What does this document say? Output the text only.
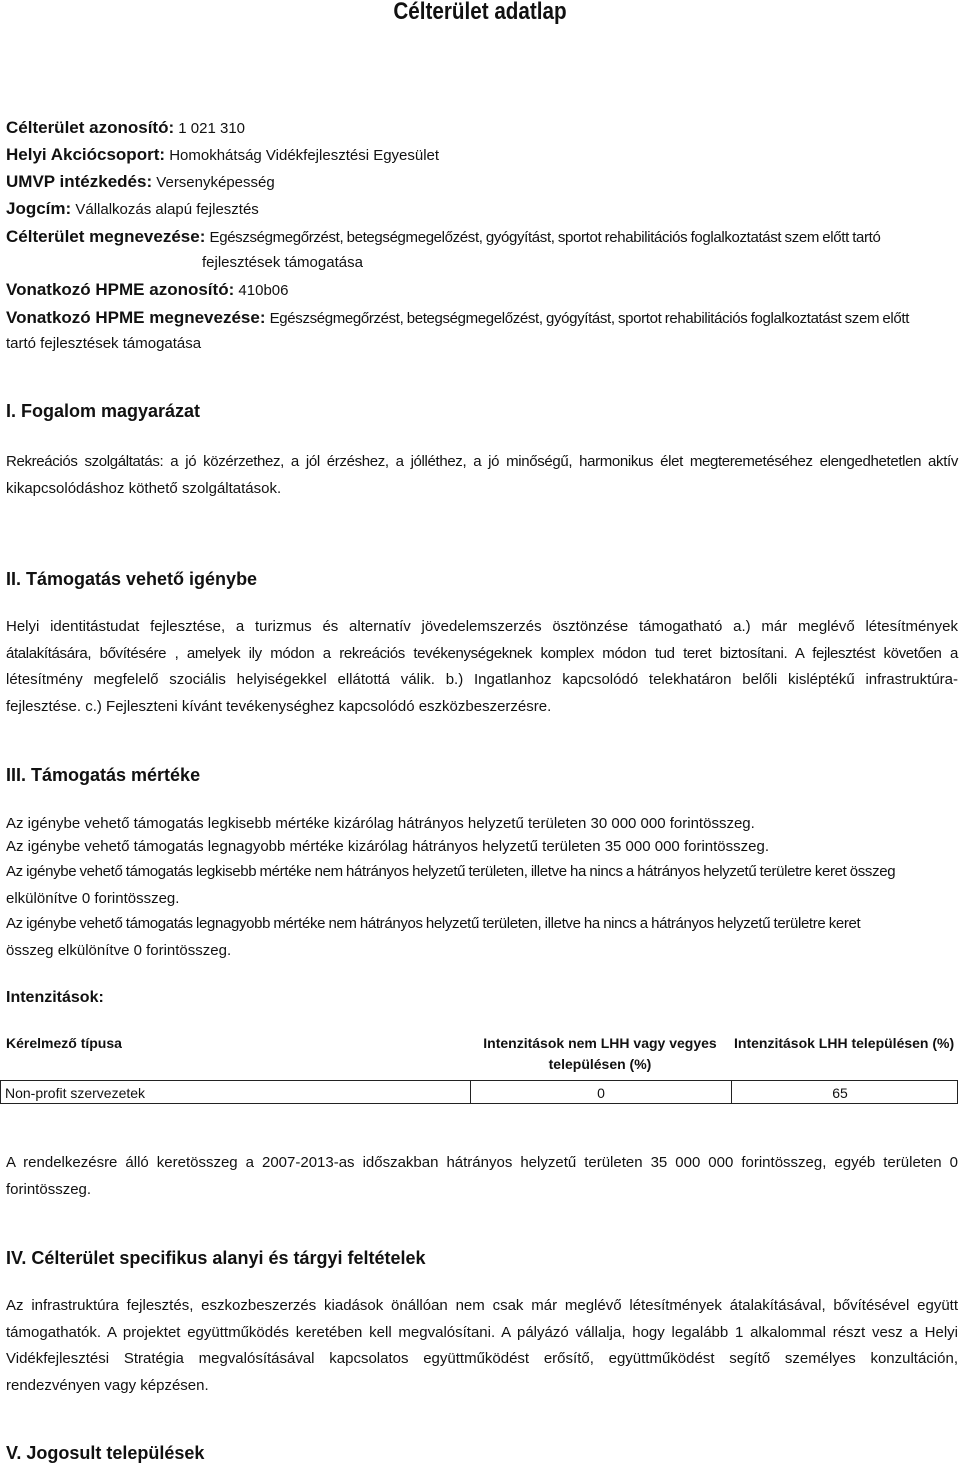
Célterület adatlap
Célterület azonosító: 1 021 310
Helyi Akciócsoport: Homokhátság Vidékfejlesztési Egyesület
UMVP intézkedés: Versenyképesség
Jogcím: Vállalkozás alapú fejlesztés
Célterület megnevezése: Egészségmegőrzést, betegségmegelőzést, gyógyítást, sportot rehabilitációs foglalkoztatást szem előtt tartó
fejlesztések támogatása
Vonatkozó HPME azonosító: 410b06
Vonatkozó HPME megnevezése: Egészségmegőrzést, betegségmegelőzést, gyógyítást, sportot rehabilitációs foglalkoztatást szem előtt
tartó fejlesztések támogatása
I. Fogalom magyarázat
Rekreációs szolgáltatás: a jó közérzethez, a jól érzéshez, a jólléthez, a jó minőségű, harmonikus élet megteremetéséhez elengedhetetlen aktív
kikapcsolódáshoz köthető szolgáltatások.
II. Támogatás vehető igénybe
Helyi identitástudat fejlesztése, a turizmus és alternatív jövedelemszerzés ösztönzése támogatható a.) már meglévő létesítmények
átalakítására, bővítésére , amelyek ily módon a rekreációs tevékenységeknek komplex módon tud teret biztosítani. A fejlesztést követően a
létesítmény megfelelő szociális helyiségekkel ellátottá válik. b.) Ingatlanhoz kapcsolódó telekhatáron belőli kisléptékű infrastruktúra-
fejlesztése. c.) Fejleszteni kívánt tevékenységhez kapcsolódó eszközbeszerzésre.
III. Támogatás mértéke
Az igénybe vehető támogatás legkisebb mértéke kizárólag hátrányos helyzetű területen 30 000 000 forintösszeg.
Az igénybe vehető támogatás legnagyobb mértéke kizárólag hátrányos helyzetű területen 35 000 000 forintösszeg.
Az igénybe vehető támogatás legkisebb mértéke nem hátrányos helyzetű területen, illetve ha nincs a hátrányos helyzetű területre keret összeg
elkülönítve 0 forintösszeg.
Az igénybe vehető támogatás legnagyobb mértéke nem hátrányos helyzetű területen, illetve ha nincs a hátrányos helyzetű területre keret
összeg elkülönítve 0 forintösszeg.
Intenzitások:
Kérelmező típusa	Intenzitások nem LHH vagy vegyes
településen (%)
Intenzitások LHH településen (%)
Non-profit szervezetek	0	65
A rendelkezésre álló keretösszeg a 2007-2013-as időszakban hátrányos helyzetű területen 35 000 000 forintösszeg, egyéb területen 0
forintösszeg.
IV. Célterület specifikus alanyi és tárgyi feltételek
Az infrastruktúra fejlesztés, eszkozbeszerzés kiadások önállóan nem csak már meglévő létesítmények átalakításával, bővítésével együtt
támogathatók. A projektet együttműködés keretében kell megvalósítani. A pályázó vállalja, hogy legalább 1 alkalommal részt vesz a Helyi
Vidékfejlesztési Stratégia megvalósításával kapcsolatos együttműködést erősítő, együttműködést segítő személyes konzultáción,
rendezvényen vagy képzésen.
V. Jogosult települések
